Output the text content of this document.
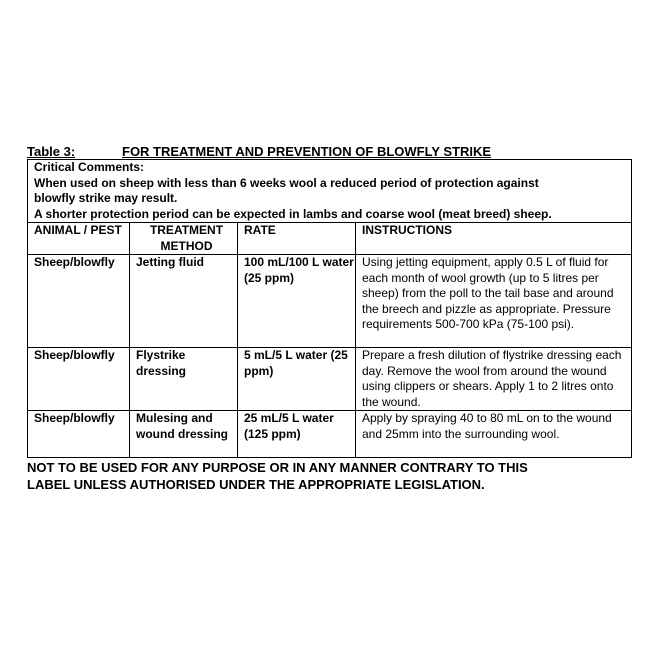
Table 3:	FOR TREATMENT AND PREVENTION OF BLOWFLY STRIKE
Critical Comments:
When used on sheep with less than 6 weeks wool a reduced period of protection against
blowfly strike may result.
A shorter protection period can be expected in lambs and coarse wool (meat breed) sheep.			

ANIMAL / PEST	TREATMENT METHOD	RATE	INSTRUCTIONS
Sheep/blowfly	Jetting fluid	100 mL/100 L water (25 ppm)	Using jetting equipment, apply 0.5 L of fluid for each month of wool growth (up to 5 litres per sheep) from the poll to the tail base and around the breech and pizzle as appropriate. Pressure requirements 500-700 kPa (75-100 psi).
Sheep/blowfly	Flystrike dressing	5 mL/5 L water (25 ppm)	Prepare a fresh dilution of flystrike dressing each day. Remove the wool from around the wound using clippers or shears. Apply 1 to 2 litres onto the wound.
Sheep/blowfly	Mulesing and wound dressing	25 mL/5 L water (125 ppm)	Apply by spraying 40 to 80 mL on to the wound and 25mm into the surrounding wool.
NOT TO BE USED FOR ANY PURPOSE OR IN ANY MANNER CONTRARY TO THIS
LABEL UNLESS AUTHORISED UNDER THE APPROPRIATE LEGISLATION.
